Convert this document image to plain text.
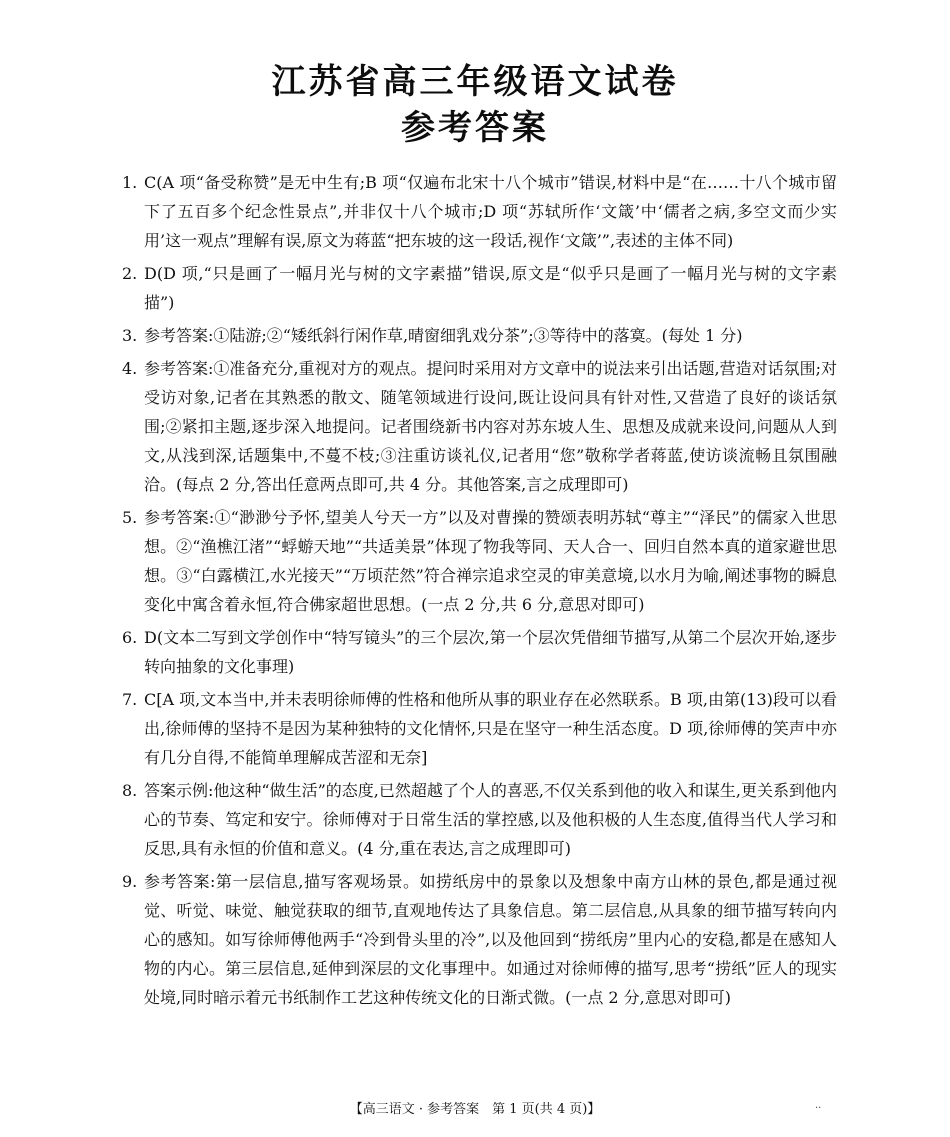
江苏省高三年级语文试卷
参考答案
1. C(A 项“备受称赞”是无中生有;B 项“仅遍布北宋十八个城市”错误,材料中是“在……十八个城市留下了五百多个纪念性景点”,并非仅十八个城市;D 项“苏轼所作‘文箴’中‘儒者之病,多空文而少实用’这一观点”理解有误,原文为蒋蓝“把东坡的这一段话,视作‘文箴’”,表述的主体不同)
2. D(D 项,“只是画了一幅月光与树的文字素描”错误,原文是“似乎只是画了一幅月光与树的文字素描”)
3. 参考答案:①陆游;②“矮纸斜行闲作草,晴窗细乳戏分茶”;③等待中的落寞。(每处 1 分)
4. 参考答案:①准备充分,重视对方的观点。提问时采用对方文章中的说法来引出话题,营造对话氛围;对受访对象,记者在其熟悉的散文、随笔领域进行设问,既让设问具有针对性,又营造了良好的谈话氛围;②紧扣主题,逐步深入地提问。记者围绕新书内容对苏东坡人生、思想及成就来设问,问题从人到文,从浅到深,话题集中,不蔓不枝;③注重访谈礼仪,记者用“您”敬称学者蒋蓝,使访谈流畅且氛围融洽。(每点 2 分,答出任意两点即可,共 4 分。其他答案,言之成理即可)
5. 参考答案:①“渺渺兮予怀,望美人兮天一方”以及对曹操的赞颂表明苏轼“尊主”“泽民”的儒家入世思想。②“渔樵江渚”“蜉蝣天地”“共适美景”体现了物我等同、天人合一、回归自然本真的道家避世思想。③“白露横江,水光接天”“万顷茫然”符合禅宗追求空灵的审美意境,以水月为喻,阐述事物的瞬息变化中寓含着永恒,符合佛家超世思想。(一点 2 分,共 6 分,意思对即可)
6. D(文本二写到文学创作中“特写镜头”的三个层次,第一个层次凭借细节描写,从第二个层次开始,逐步转向抽象的文化事理)
7. C[A 项,文本当中,并未表明徐师傅的性格和他所从事的职业存在必然联系。B 项,由第(13)段可以看出,徐师傅的坚持不是因为某种独特的文化情怀,只是在坚守一种生活态度。D 项,徐师傅的笑声中亦有几分自得,不能简单理解成苦涩和无奈]
8. 答案示例:他这种“做生活”的态度,已然超越了个人的喜恶,不仅关系到他的收入和谋生,更关系到他内心的节奏、笃定和安宁。徐师傅对于日常生活的掌控感,以及他积极的人生态度,值得当代人学习和反思,具有永恒的价值和意义。(4 分,重在表达,言之成理即可)
9. 参考答案:第一层信息,描写客观场景。如捞纸房中的景象以及想象中南方山林的景色,都是通过视觉、听觉、味觉、触觉获取的细节,直观地传达了具象信息。第二层信息,从具象的细节描写转向内心的感知。如写徐师傅他两手“冷到骨头里的冷”,以及他回到“捞纸房”里内心的安稳,都是在感知人物的内心。第三层信息,延伸到深层的文化事理中。如通过对徐师傅的描写,思考“捞纸”匠人的现实处境,同时暗示着元书纸制作工艺这种传统文化的日渐式微。(一点 2 分,意思对即可)
【高三语文 · 参考答案　第 1 页(共 4 页)】	..
